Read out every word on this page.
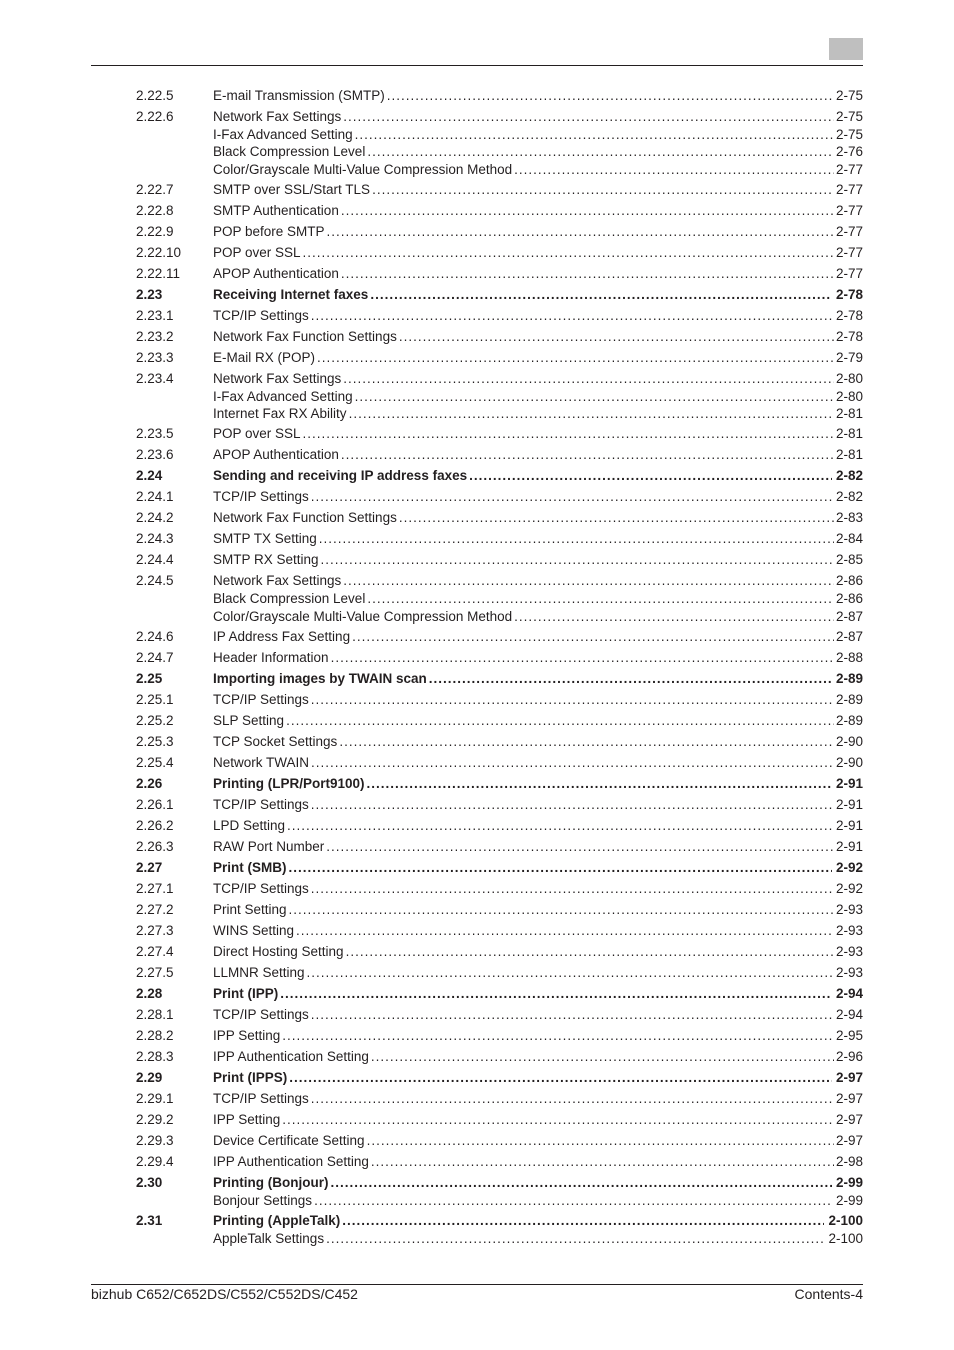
2.22.5	E-mail Transmission (SMTP) .....	2-75
2.22.6	Network Fax Settings .....	2-75
I-Fax Advanced Setting .....	2-75
Black Compression Level .....	2-76
Color/Grayscale Multi-Value Compression Method .....	2-77
2.22.7	SMTP over SSL/Start TLS .....	2-77
2.22.8	SMTP Authentication .....	2-77
2.22.9	POP before SMTP .....	2-77
2.22.10 POP over SSL .....	2-77
2.22.11 APOP Authentication .....	2-77
2.23	Receiving Internet faxes .....	2-78
2.23.1	TCP/IP Settings .....	2-78
2.23.2	Network Fax Function Settings .....	2-78
2.23.3	E-Mail RX (POP) .....	2-79
2.23.4	Network Fax Settings .....	2-80
I-Fax Advanced Setting .....	2-80
Internet Fax RX Ability .....	2-81
2.23.5	POP over SSL .....	2-81
2.23.6	APOP Authentication .....	2-81
2.24	Sending and receiving IP address faxes .....	2-82
2.24.1	TCP/IP Settings .....	2-82
2.24.2	Network Fax Function Settings .....	2-83
2.24.3	SMTP TX Setting .....	2-84
2.24.4	SMTP RX Setting .....	2-85
2.24.5	Network Fax Settings .....	2-86
Black Compression Level .....	2-86
Color/Grayscale Multi-Value Compression Method .....	2-87
2.24.6	IP Address Fax Setting .....	2-87
2.24.7	Header Information .....	2-88
2.25	Importing images by TWAIN scan .....	2-89
2.25.1	TCP/IP Settings .....	2-89
2.25.2	SLP Setting .....	2-89
2.25.3	TCP Socket Settings .....	2-90
2.25.4	Network TWAIN .....	2-90
2.26	Printing (LPR/Port9100) .....	2-91
2.26.1	TCP/IP Settings .....	2-91
2.26.2	LPD Setting .....	2-91
2.26.3	RAW Port Number .....	2-91
2.27	Print (SMB) .....	2-92
2.27.1	TCP/IP Settings .....	2-92
2.27.2	Print Setting .....	2-93
2.27.3	WINS Setting .....	2-93
2.27.4	Direct Hosting Setting .....	2-93
2.27.5	LLMNR Setting .....	2-93
2.28	Print (IPP) .....	2-94
2.28.1	TCP/IP Settings .....	2-94
2.28.2	IPP Setting .....	2-95
2.28.3	IPP Authentication Setting .....	2-96
2.29	Print (IPPS) .....	2-97
2.29.1	TCP/IP Settings .....	2-97
2.29.2	IPP Setting .....	2-97
2.29.3	Device Certificate Setting .....	2-97
2.29.4	IPP Authentication Setting .....	2-98
2.30	Printing (Bonjour) .....	2-99
Bonjour Settings .....	2-99
2.31	Printing (AppleTalk) .....	2-100
AppleTalk Settings .....	2-100
bizhub C652/C652DS/C552/C552DS/C452	Contents-4
